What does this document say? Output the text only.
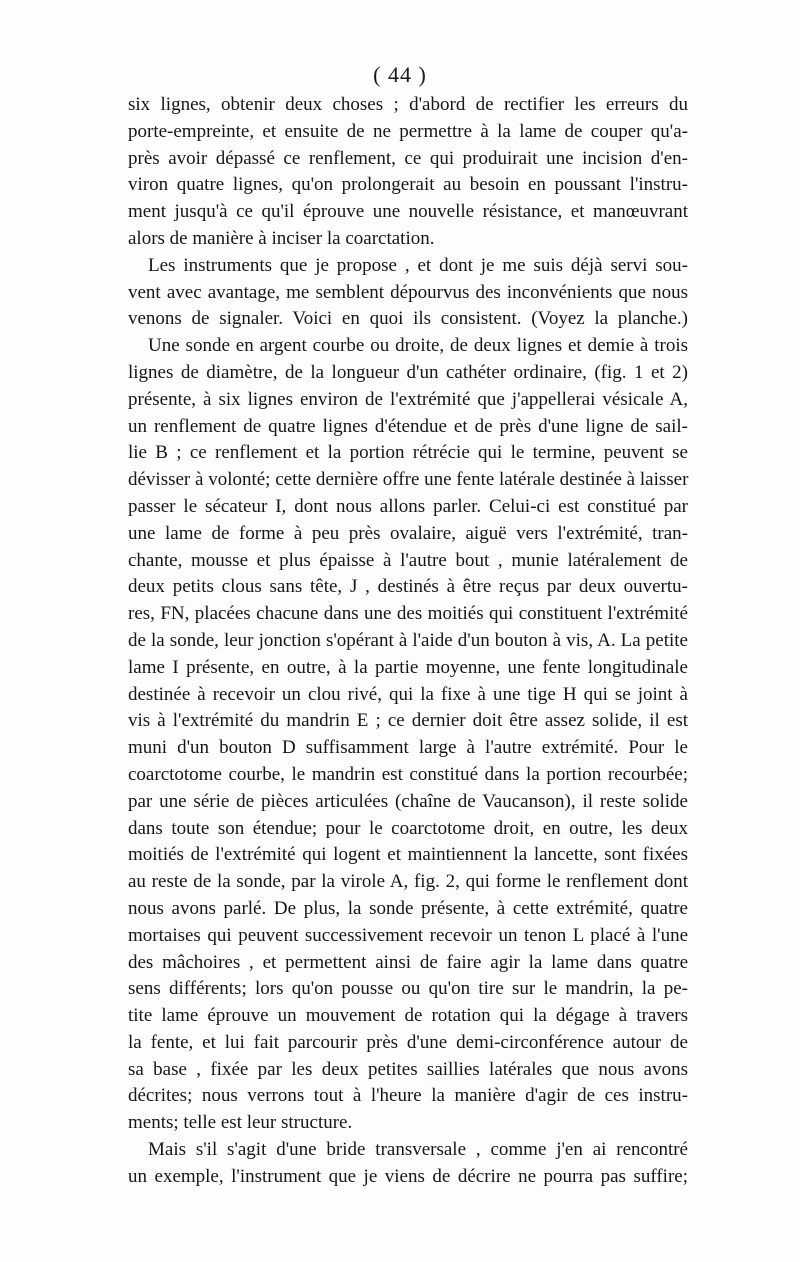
( 44 )
six lignes, obtenir deux choses ; d'abord de rectifier les erreurs du
porte-empreinte, et ensuite de ne permettre à la lame de couper qu'a-
près avoir dépassé ce renflement, ce qui produirait une incision d'en-
viron quatre lignes, qu'on prolongerait au besoin en poussant l'instru-
ment jusqu'à ce qu'il éprouve une nouvelle résistance, et manœuvrant
alors de manière à inciser la coarctation.
Les instruments que je propose , et dont je me suis déjà servi sou-
vent avec avantage, me semblent dépourvus des inconvénients que nous
venons de signaler. Voici en quoi ils consistent. (Voyez la planche.)
Une sonde en argent courbe ou droite, de deux lignes et demie à trois
lignes de diamètre, de la longueur d'un cathéter ordinaire, (fig. 1 et 2)
présente, à six lignes environ de l'extrémité que j'appellerai vésicale A,
un renflement de quatre lignes d'étendue et de près d'une ligne de sail-
lie B ; ce renflement et la portion rétrécie qui le termine, peuvent se
dévisser à volonté; cette dernière offre une fente latérale destinée à laisser
passer le sécateur I, dont nous allons parler. Celui-ci est constitué par
une lame de forme à peu près ovalaire, aiguë vers l'extrémité, tran-
chante, mousse et plus épaisse à l'autre bout , munie latéralement de
deux petits clous sans tête, J , destinés à être reçus par deux ouvertu-
res, FN, placées chacune dans une des moitiés qui constituent l'extrémité
de la sonde, leur jonction s'opérant à l'aide d'un bouton à vis, A. La petite
lame I présente, en outre, à la partie moyenne, une fente longitudinale
destinée à recevoir un clou rivé, qui la fixe à une tige H qui se joint à
vis à l'extrémité du mandrin E ; ce dernier doit être assez solide, il est
muni d'un bouton D suffisamment large à l'autre extrémité. Pour le
coarctotome courbe, le mandrin est constitué dans la portion recourbée;
par une série de pièces articulées (chaîne de Vaucanson), il reste solide
dans toute son étendue; pour le coarctotome droit, en outre, les deux
moitiés de l'extrémité qui logent et maintiennent la lancette, sont fixées
au reste de la sonde, par la virole A, fig. 2, qui forme le renflement dont
nous avons parlé. De plus, la sonde présente, à cette extrémité, quatre
mortaises qui peuvent successivement recevoir un tenon L placé à l'une
des mâchoires , et permettent ainsi de faire agir la lame dans quatre
sens différents; lors qu'on pousse ou qu'on tire sur le mandrin, la pe-
tite lame éprouve un mouvement de rotation qui la dégage à travers
la fente, et lui fait parcourir près d'une demi-circonférence autour de
sa base , fixée par les deux petites saillies latérales que nous avons
décrites; nous verrons tout à l'heure la manière d'agir de ces instru-
ments; telle est leur structure.
Mais s'il s'agit d'une bride transversale , comme j'en ai rencontré
un exemple, l'instrument que je viens de décrire ne pourra pas suffire;
